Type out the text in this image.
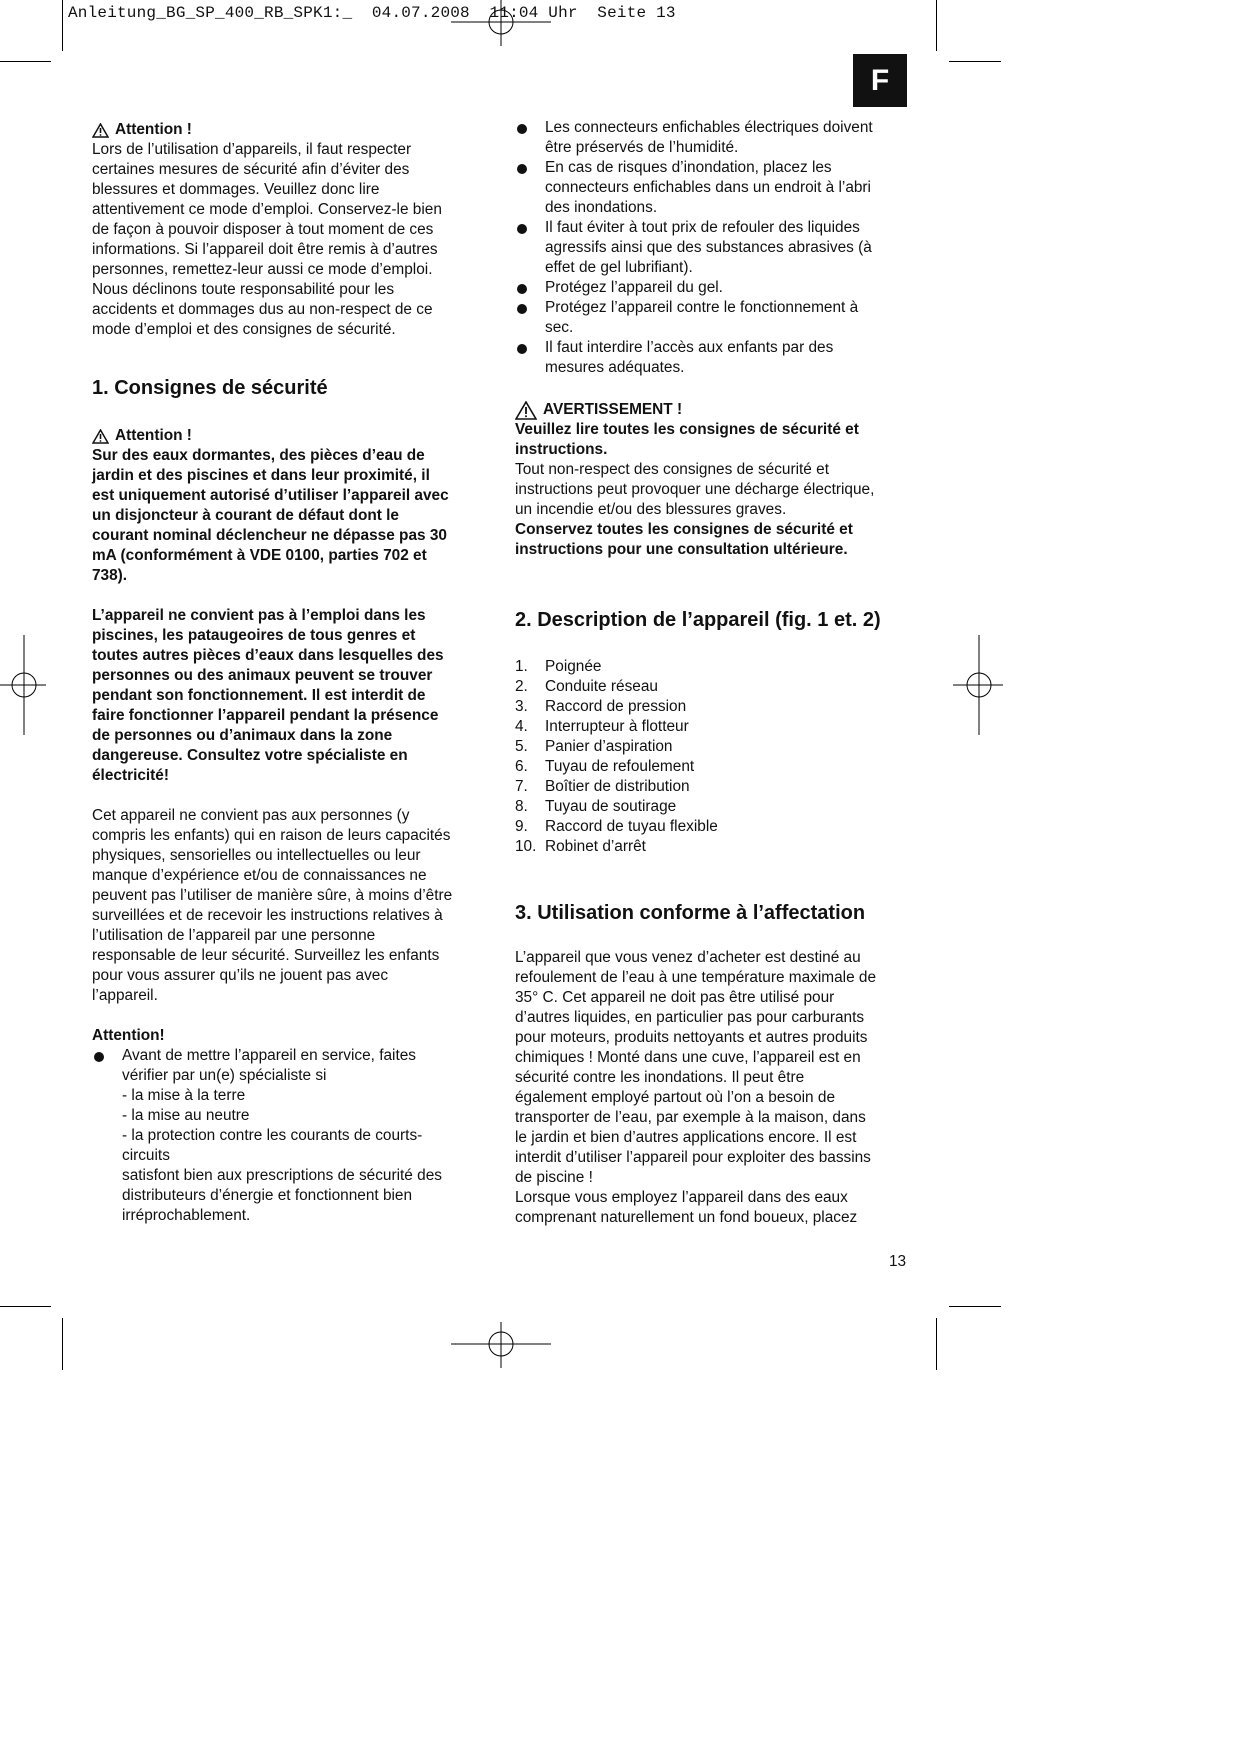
Anleitung_BG_SP_400_RB_SPK1:_  04.07.2008  11:04 Uhr  Seite 13
F
Attention !

Lors de l’utilisation d’appareils, il faut respecter

certaines mesures de sécurité afin d’éviter des

blessures et dommages. Veuillez donc lire

attentivement ce mode d’emploi. Conservez-le bien

de façon à pouvoir disposer à tout moment de ces

informations. Si l’appareil doit être remis à d’autres

personnes, remettez-leur aussi ce mode d’emploi.

Nous déclinons toute responsabilité pour les

accidents et dommages dus au non-respect de ce

mode d’emploi et des consignes de sécurité.

1. Consignes de sécurité
Attention !

Sur des eaux dormantes, des pièces d’eau de

jardin et des piscines et dans leur proximité, il

est uniquement autorisé d’utiliser l’appareil avec

un disjoncteur à courant de défaut dont le

courant nominal déclencheur ne dépasse pas 30

mA (conformément à VDE 0100, parties 702 et

738).

L’appareil ne convient pas à l’emploi dans les

piscines, les pataugeoires de tous genres et

toutes autres pièces d’eaux dans lesquelles des

personnes ou des animaux peuvent se trouver

pendant son fonctionnement. Il est interdit de

faire fonctionner l’appareil pendant la présence

de personnes ou d’animaux dans la zone

dangereuse. Consultez votre spécialiste en

électricité!

Cet appareil ne convient pas aux personnes (y

compris les enfants) qui en raison de leurs capacités

physiques, sensorielles ou intellectuelles ou leur

manque d’expérience et/ou de connaissances ne

peuvent pas l’utiliser de manière sûre, à moins d’être

surveillées et de recevoir les instructions relatives à

l’utilisation de l’appareil par une personne

responsable de leur sécurité. Surveillez les enfants

pour vous assurer qu’ils ne jouent pas avec

l’appareil.

Attention!

Avant de mettre l’appareil en service, faites

vérifier par un(e) spécialiste si

- la mise à la terre

- la mise au neutre

- la protection contre les courants de courts-

circuits

satisfont bien aux prescriptions de sécurité des

distributeurs d’énergie et fonctionnent bien

irréprochablement.

Les connecteurs enfichables électriques doivent

être préservés de l’humidité.

En cas de risques d’inondation, placez les

connecteurs enfichables dans un endroit à l’abri

des inondations.

Il faut éviter à tout prix de refouler des liquides

agressifs ainsi que des substances abrasives (à

effet de gel lubrifiant).

Protégez l’appareil du gel.

Protégez l’appareil contre le fonctionnement à

sec.

Il faut interdire l’accès aux enfants par des

mesures adéquates.

AVERTISSEMENT !

Veuillez lire toutes les consignes de sécurité et

instructions.

Tout non-respect des consignes de sécurité et

instructions peut provoquer une décharge électrique,

un incendie et/ou des blessures graves.

Conservez toutes les consignes de sécurité et

instructions pour une consultation ultérieure.

2. Description de l’appareil (fig. 1 et. 2)
1.	Poignée
2.	Conduite réseau
3.	Raccord de pression
4.	Interrupteur à flotteur
5.	Panier d’aspiration
6.	Tuyau de refoulement
7.	Boîtier de distribution
8.	Tuyau de soutirage
9.	Raccord de tuyau flexible
10. Robinet d’arrêt
3. Utilisation conforme à l’affectation

L’appareil que vous venez d’acheter est destiné au

refoulement de l’eau à une température maximale de

35° C. Cet appareil ne doit pas être utilisé pour

d’autres liquides, en particulier pas pour carburants

pour moteurs, produits nettoyants et autres produits

chimiques ! Monté dans une cuve, l’appareil est en

sécurité contre les inondations. Il peut être

également employé partout où l’on a besoin de

transporter de l’eau, par exemple à la maison, dans

le jardin et bien d’autres applications encore. Il est

interdit d’utiliser l’appareil pour exploiter des bassins

de piscine !

Lorsque vous employez l’appareil dans des eaux

comprenant naturellement un fond boueux, placez

13
